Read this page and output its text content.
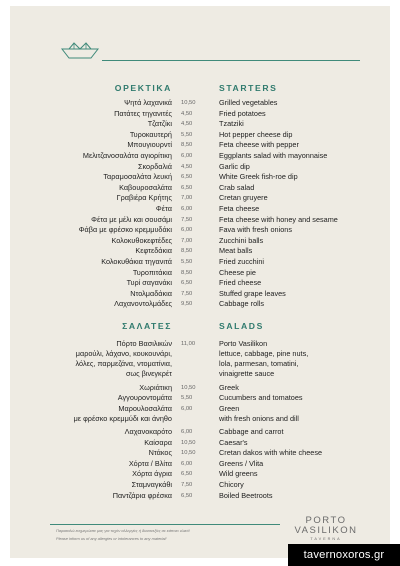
ΟΡΕΚΤΙΚΑ	STARTERS
Ψητά λαχανικά 10,50	Grilled vegetables
Πατάτες τηγανιτές 4,50	Fried potatoes
Τζατζίκι 4,50	Tzatziki
Τυροκαυτερή 5,50	Hot pepper cheese dip
Μπουγιουρντί 8,50	Feta cheese with pepper
Μελιτζανοσαλάτα αγιορίτικη 6,00	Eggplants salad with mayonnaise
Σκορδαλιά 4,50	Garlic dip
Ταραμοσαλάτα λευκή 6,50	White Greek fish-roe dip
Καβουροσαλάτα 6,50	Crab salad
Γραβιέρα Κρήτης 7,00	Cretan gruyere
Φέτα 6,00	Feta cheese
Φέτα με μέλι και σουσάμι 7,50	Feta cheese with honey and sesame
Φάβα με φρέσκο κρεμμυδάκι 6,00	Fava with fresh onions
Κολοκυθοκεφτέδες 7,00	Zucchini balls
Κεφτεδάκια 8,50	Meat balls
Κολοκυθάκια τηγανιτά 5,50	Fried zucchini
Τυροπιτάκια 8,50	Cheese pie
Τυρί σαγανάκι 6,50	Fried cheese
Ντολμαδάκια 7,50	Stuffed grape leaves
Λαχανοντολμάδες 9,50	Cabbage rolls
ΣΑΛΑΤΕΣ	SALADS
Πόρτο Βασιλικών
μαρούλι, λάχανο, κουκουνάρι,
λόλες, παρμεζάνα, ντοματίνια,
σως βινεγκρέτ
11,00	Porto Vasilikon
lettuce, cabbage, pine nuts,
lola, parmesan, tomatini,
vinaigrette sauce
Χωριάτικη 10,50	Greek
Αγγουροντομάτα 5,50	Cucumbers and tomatoes
Μαρουλοσαλάτα
με φρέσκο κρεμμύδι και άνηθο
6,00	Green
with fresh onions and dill
Λαχανοκαρότο 6,00	Cabbage and carrot
Καίσαρα 10,50	Caesar's
Ντάκος 10,50	Cretan dakos with white cheese
Χόρτα / Βλίτα 6,00	Greens / Vlita
Χόρτα άγρια 6,50	Wild greens
Σταμναγκάθι 7,50	Chicory
Παντζάρια φρέσκα 6,50	Boiled Beetroots
Παρακαλώ ενημερώστε μας για τυχόν αλλεργίες ή δυσανεξίες σε κάποιο υλικό!
Please inform us of any allergies or intolerances to any material!
PORTO
VASILIKON
TAVERNA
tavernoxoros.gr
